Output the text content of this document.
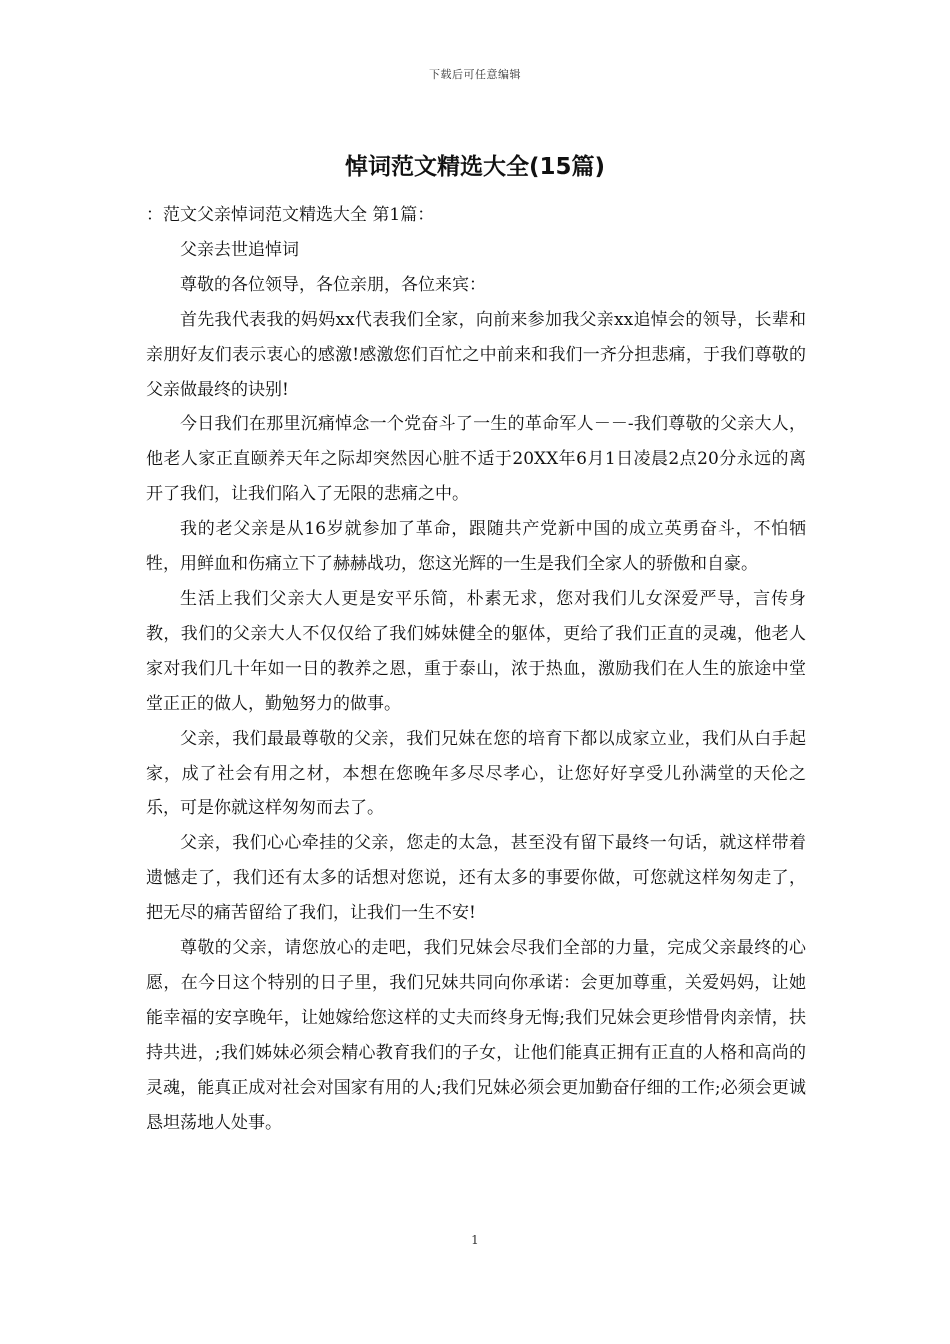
下载后可任意编辑
悼词范文精选大全(15篇)

：范文父亲悼词范文精选大全 第1篇：

父亲去世追悼词

尊敬的各位领导，各位亲朋，各位来宾：

首先我代表我的妈妈xx代表我们全家，向前来参加我父亲xx追悼会的领导，长辈和亲朋好友们表示衷心的感激!感激您们百忙之中前来和我们一齐分担悲痛，于我们尊敬的父亲做最终的诀别!

今日我们在那里沉痛悼念一个党奋斗了一生的革命军人－－-我们尊敬的父亲大人，他老人家正直颐养天年之际却突然因心脏不适于20XX年6月1日凌晨2点20分永远的离开了我们，让我们陷入了无限的悲痛之中。

我的老父亲是从16岁就参加了革命，跟随共产党新中国的成立英勇奋斗，不怕牺牲，用鲜血和伤痛立下了赫赫战功，您这光辉的一生是我们全家人的骄傲和自豪。

生活上我们父亲大人更是安平乐简，朴素无求，您对我们儿女深爱严导，言传身教，我们的父亲大人不仅仅给了我们姊妹健全的躯体，更给了我们正直的灵魂，他老人家对我们几十年如一日的教养之恩，重于泰山，浓于热血，激励我们在人生的旅途中堂堂正正的做人，勤勉努力的做事。

父亲，我们最最尊敬的父亲，我们兄妹在您的培育下都以成家立业，我们从白手起家，成了社会有用之材，本想在您晚年多尽尽孝心，让您好好享受儿孙满堂的天伦之乐，可是你就这样匆匆而去了。

父亲，我们心心牵挂的父亲，您走的太急，甚至没有留下最终一句话，就这样带着遗憾走了，我们还有太多的话想对您说，还有太多的事要你做，可您就这样匆匆走了，把无尽的痛苦留给了我们，让我们一生不安!

尊敬的父亲，请您放心的走吧，我们兄妹会尽我们全部的力量，完成父亲最终的心愿，在今日这个特别的日子里，我们兄妹共同向你承诺：会更加尊重，关爱妈妈，让她能幸福的安享晚年，让她嫁给您这样的丈夫而终身无悔;我们兄妹会更珍惜骨肉亲情，扶持共进，;我们姊妹必须会精心教育我们的子女，让他们能真正拥有正直的人格和高尚的灵魂，能真正成对社会对国家有用的人;我们兄妹必须会更加勤奋仔细的工作;必须会更诚恳坦荡地人处事。

1
